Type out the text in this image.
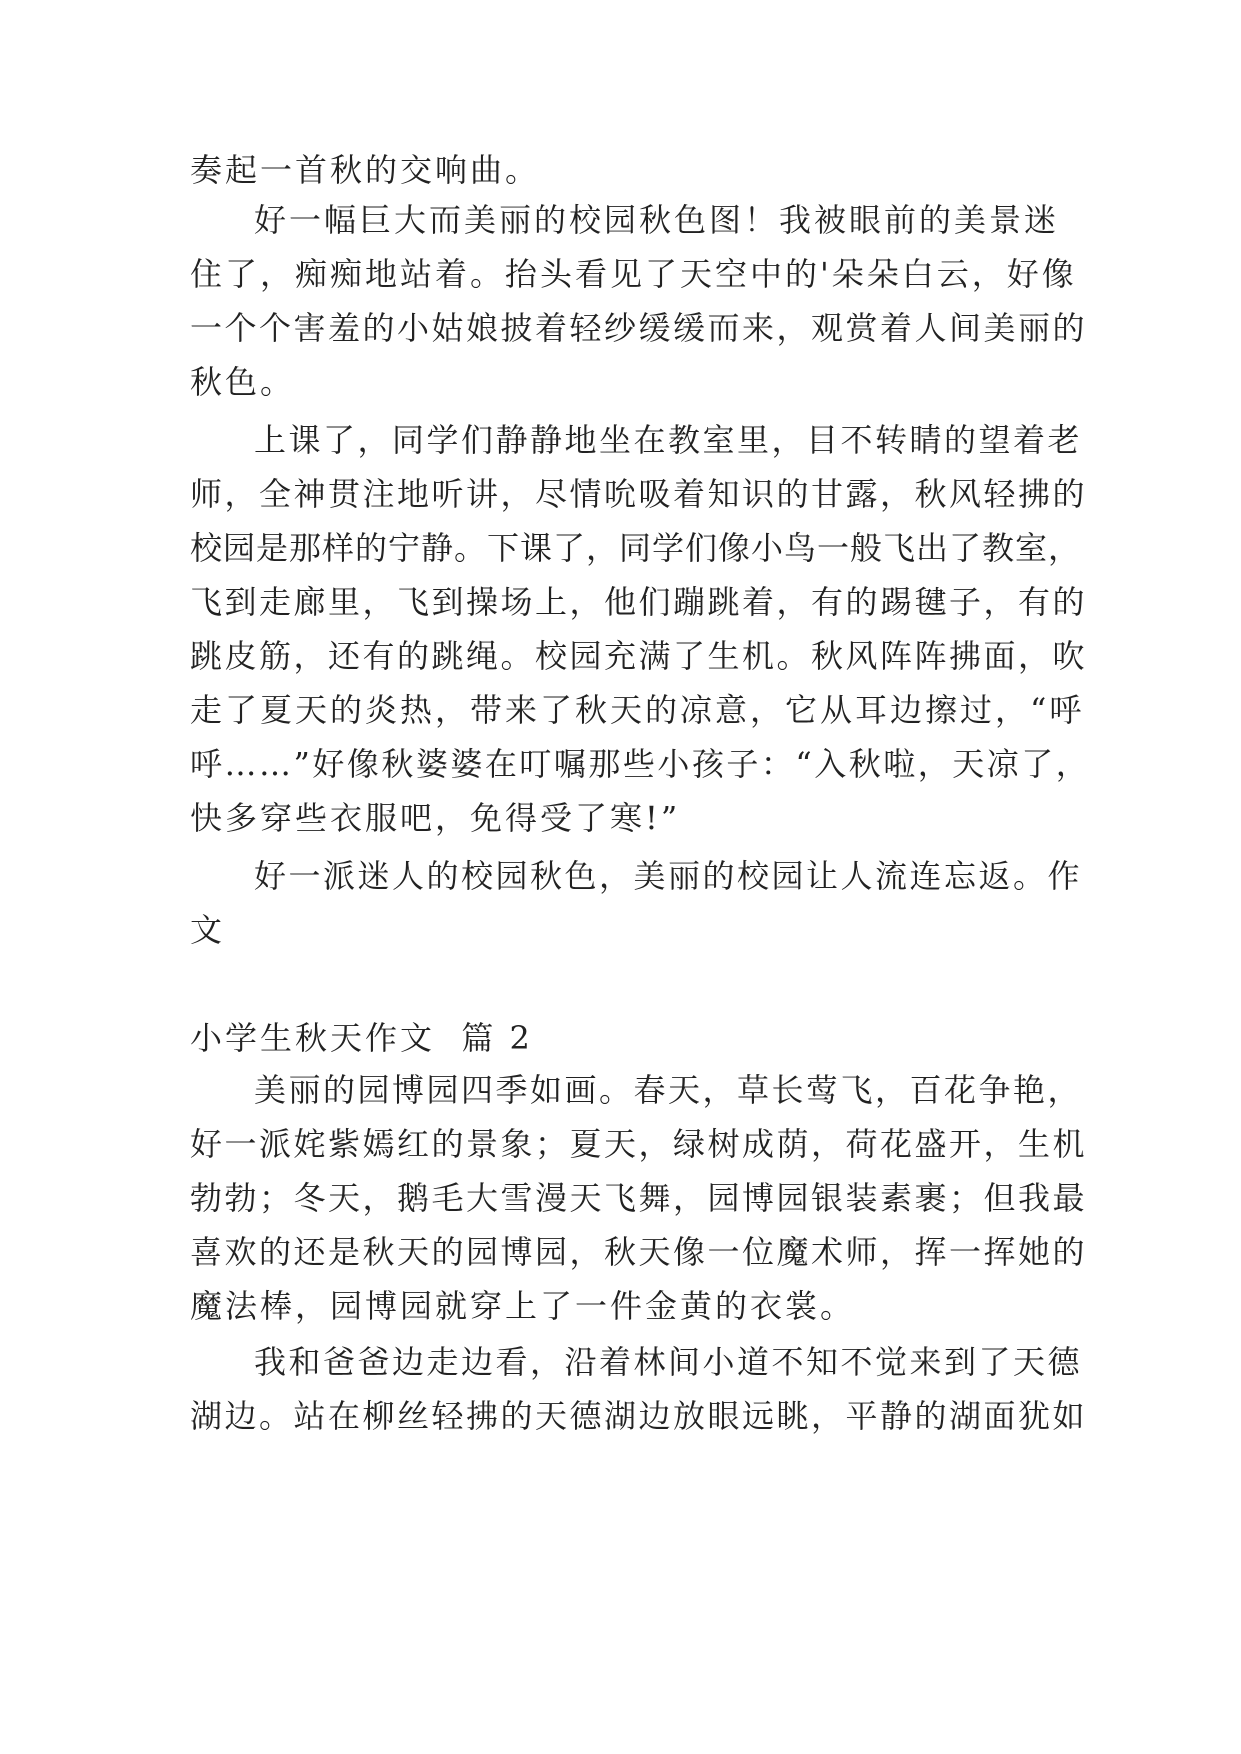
奏起一首秋的交响曲。
好一幅巨大而美丽的校园秋色图！我被眼前的美景迷
住了，痴痴地站着。抬头看见了天空中的'朵朵白云，好像
一个个害羞的小姑娘披着轻纱缓缓而来，观赏着人间美丽的
秋色。
上课了，同学们静静地坐在教室里，目不转睛的望着老
师，全神贯注地听讲，尽情吮吸着知识的甘露，秋风轻拂的
校园是那样的宁静。下课了，同学们像小鸟一般飞出了教室，
飞到走廊里，飞到操场上，他们蹦跳着，有的踢毽子，有的
跳皮筋，还有的跳绳。校园充满了生机。秋风阵阵拂面，吹
走了夏天的炎热，带来了秋天的凉意，它从耳边擦过，“呼
呼……”好像秋婆婆在叮嘱那些小孩子：“入秋啦，天凉了，
快多穿些衣服吧，免得受了寒!”
好一派迷人的校园秋色，美丽的校园让人流连忘返。作
文
小学生秋天作文  篇 2
美丽的园博园四季如画。春天，草长莺飞，百花争艳，
好一派姹紫嫣红的景象；夏天，绿树成荫，荷花盛开，生机
勃勃；冬天，鹅毛大雪漫天飞舞，园博园银装素裹；但我最
喜欢的还是秋天的园博园，秋天像一位魔术师，挥一挥她的
魔法棒，园博园就穿上了一件金黄的衣裳。
我和爸爸边走边看，沿着林间小道不知不觉来到了天德
湖边。站在柳丝轻拂的天德湖边放眼远眺，平静的湖面犹如
